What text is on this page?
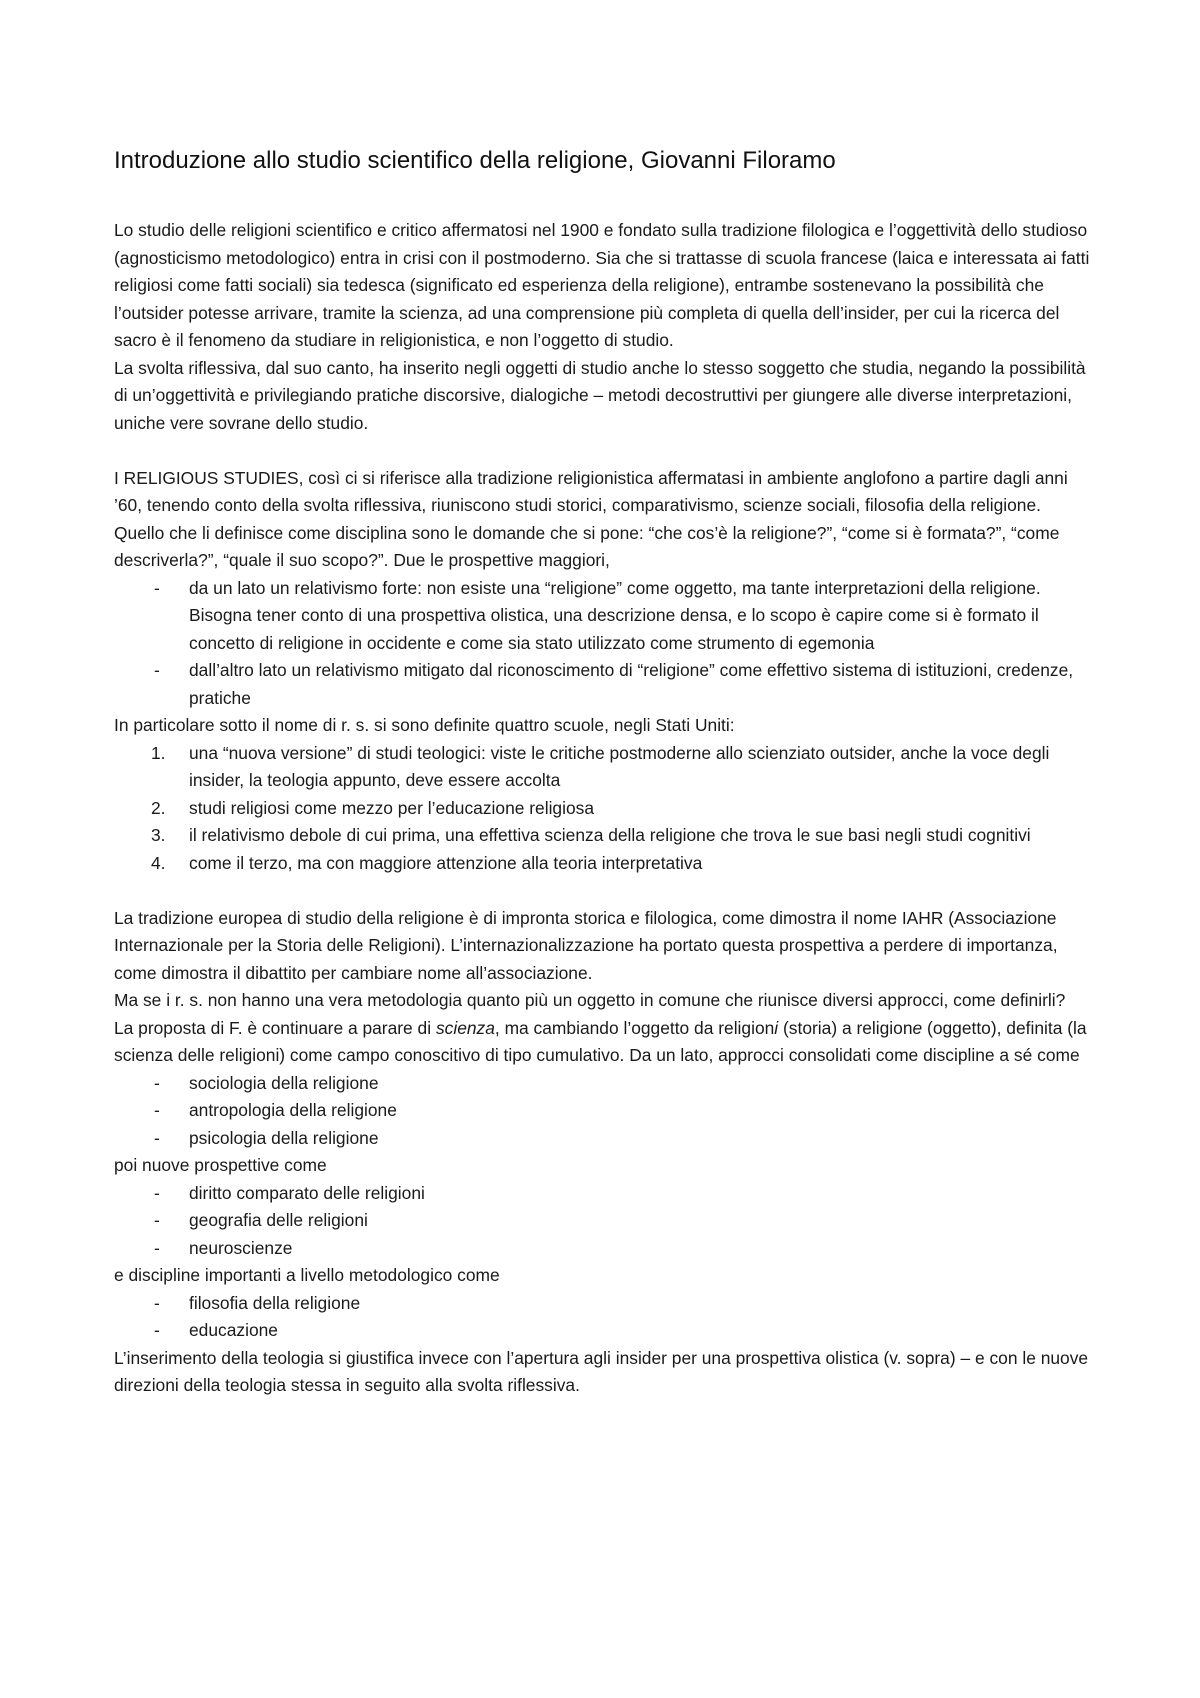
Introduzione allo studio scientifico della religione, Giovanni Filoramo

Lo studio delle religioni scientifico e critico affermatosi nel 1900 e fondato sulla tradizione filologica e l’oggettività dello studioso (agnosticismo metodologico) entra in crisi con il postmoderno. Sia che si trattasse di scuola francese (laica e interessata ai fatti religiosi come fatti sociali) sia tedesca (significato ed esperienza della religione), entrambe sostenevano la possibilità che l’outsider potesse arrivare, tramite la scienza, ad una comprensione più completa di quella dell’insider, per cui la ricerca del sacro è il fenomeno da studiare in religionistica, e non l’oggetto di studio.

La svolta riflessiva, dal suo canto, ha inserito negli oggetti di studio anche lo stesso soggetto che studia, negando la possibilità di un’oggettività e privilegiando pratiche discorsive, dialogiche – metodi decostruttivi per giungere alle diverse interpretazioni, uniche vere sovrane dello studio.

I RELIGIOUS STUDIES, così ci si riferisce alla tradizione religionistica affermatasi in ambiente anglofono a partire dagli anni ’60, tenendo conto della svolta riflessiva, riuniscono studi storici, comparativismo, scienze sociali, filosofia della religione. Quello che li definisce come disciplina sono le domande che si pone: “che cos’è la religione?”, “come si è formata?”, “come descriverla?”, “quale il suo scopo?”. Due le prospettive maggiori,

- da un lato un relativismo forte: non esiste una “religione” come oggetto, ma tante interpretazioni della religione. Bisogna tener conto di una prospettiva olistica, una descrizione densa, e lo scopo è capire come si è formato il concetto di religione in occidente e come sia stato utilizzato come strumento di egemonia
- dall’altro lato un relativismo mitigato dal riconoscimento di “religione” come effettivo sistema di istituzioni, credenze, pratiche

In particolare sotto il nome di r. s. si sono definite quattro scuole, negli Stati Uniti:

1. una “nuova versione” di studi teologici: viste le critiche postmoderne allo scienziato outsider, anche la voce degli insider, la teologia appunto, deve essere accolta
2. studi religiosi come mezzo per l’educazione religiosa
3. il relativismo debole di cui prima, una effettiva scienza della religione che trova le sue basi negli studi cognitivi
4. come il terzo, ma con maggiore attenzione alla teoria interpretativa

La tradizione europea di studio della religione è di impronta storica e filologica, come dimostra il nome IAHR (Associazione Internazionale per la Storia delle Religioni). L’internazionalizzazione ha portato questa prospettiva a perdere di importanza, come dimostra il dibattito per cambiare nome all’associazione.

Ma se i r. s. non hanno una vera metodologia quanto più un oggetto in comune che riunisce diversi approcci, come definirli?

La proposta di F. è continuare a parare di scienza, ma cambiando l’oggetto da religioni (storia) a religione (oggetto), definita (la scienza delle religioni) come campo conoscitivo di tipo cumulativo. Da un lato, approcci consolidati come discipline a sé come

- sociologia della religione
- antropologia della religione
- psicologia della religione

poi nuove prospettive come

- diritto comparato delle religioni
- geografia delle religioni
- neuroscienze

e discipline importanti a livello metodologico come

- filosofia della religione
- educazione

L’inserimento della teologia si giustifica invece con l’apertura agli insider per una prospettiva olistica (v. sopra) – e con le nuove direzioni della teologia stessa in seguito alla svolta riflessiva.
